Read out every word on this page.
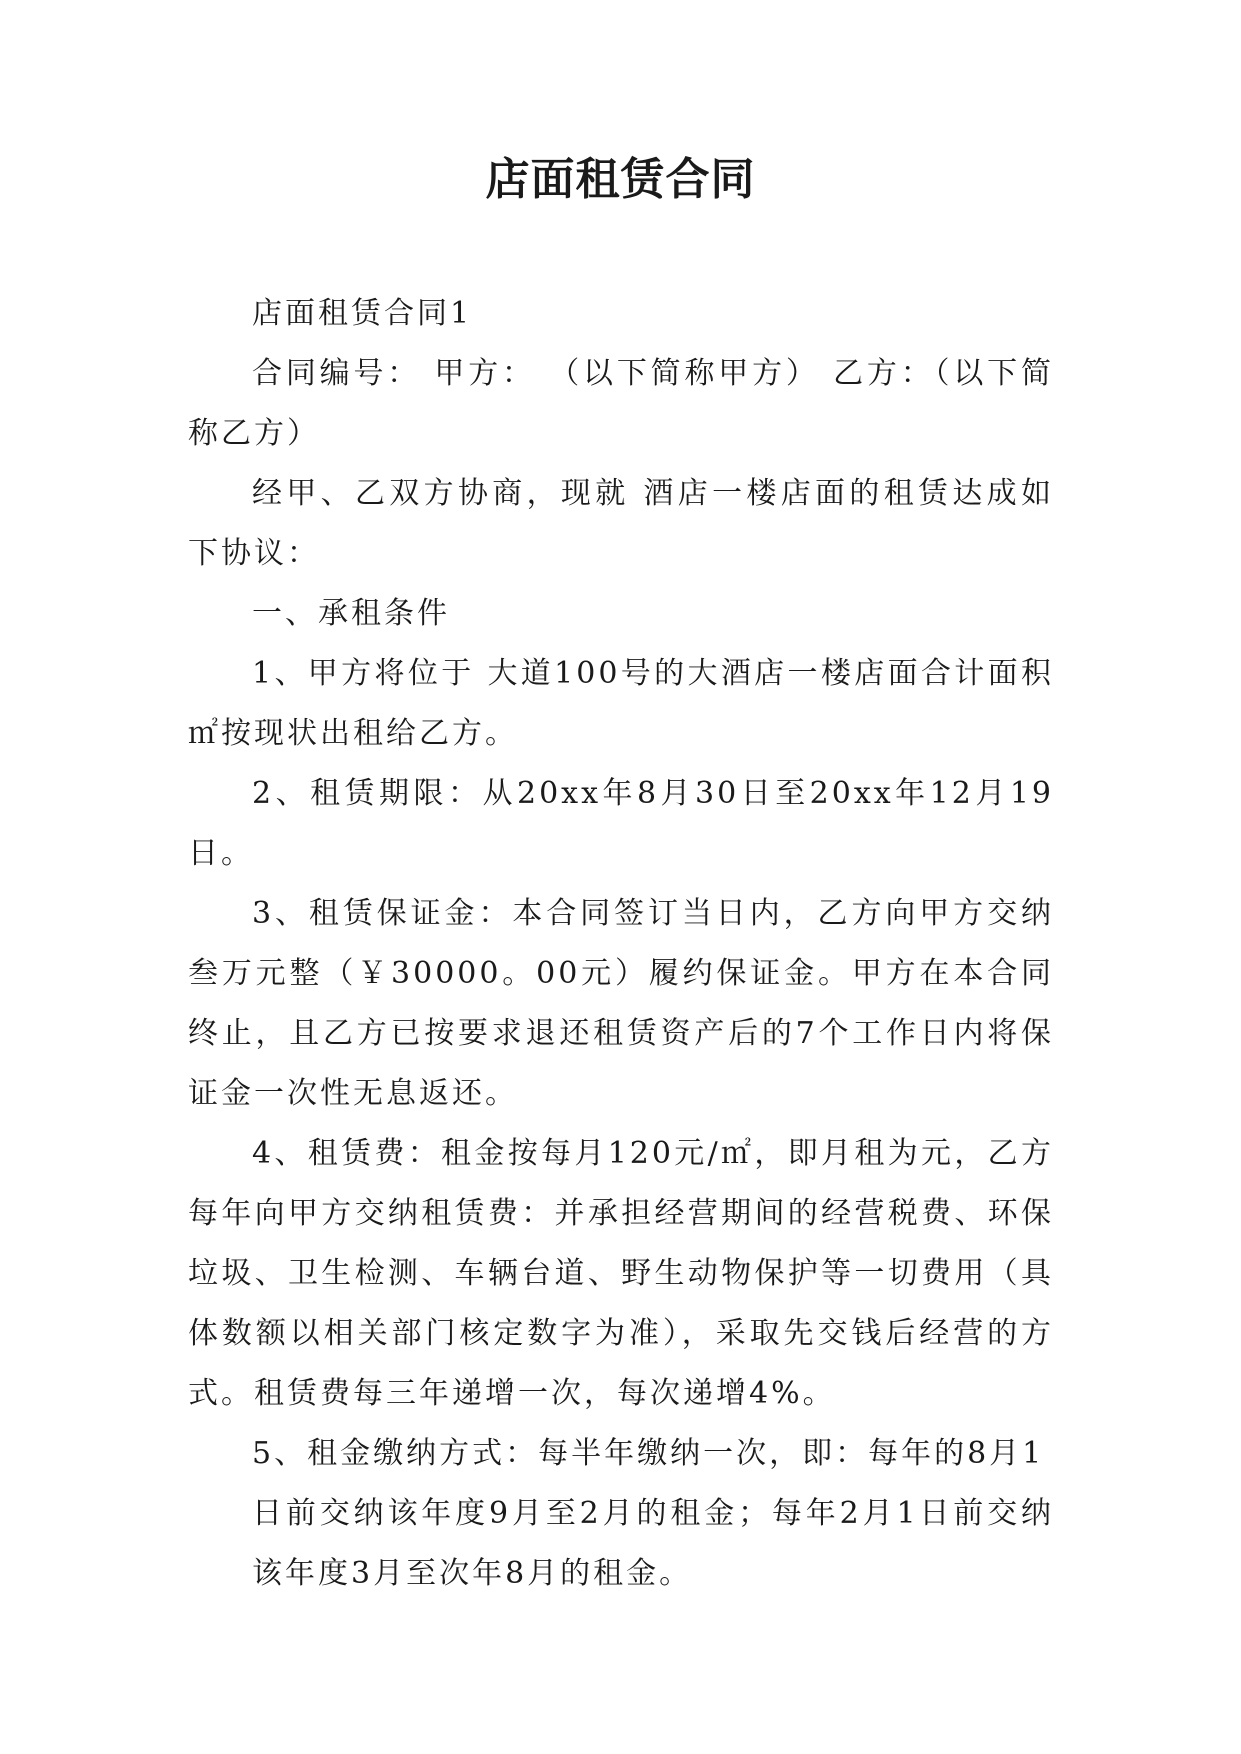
店面租赁合同

店面租赁合同1

合同编号： 甲方： （以下简称甲方） 乙方：（以下简称乙方）

经甲、乙双方协商，现就 酒店一楼店面的租赁达成如下协议：

一、承租条件

1、甲方将位于 大道100号的大酒店一楼店面合计面积㎡按现状出租给乙方。

2、租赁期限：从20xx年8月30日至20xx年12月19日。

3、租赁保证金：本合同签订当日内，乙方向甲方交纳叁万元整（￥30000。00元）履约保证金。甲方在本合同终止，且乙方已按要求退还租赁资产后的7个工作日内将保证金一次性无息返还。

4、租赁费：租金按每月120元/㎡，即月租为元，乙方每年向甲方交纳租赁费：并承担经营期间的经营税费、环保垃圾、卫生检测、车辆台道、野生动物保护等一切费用（具体数额以相关部门核定数字为准），采取先交钱后经营的方式。租赁费每三年递增一次，每次递增4%。

5、租金缴纳方式：每半年缴纳一次，即：每年的8月1

日前交纳该年度9月至2月的租金；每年2月1日前交纳该年度3月至次年8月的租金。
